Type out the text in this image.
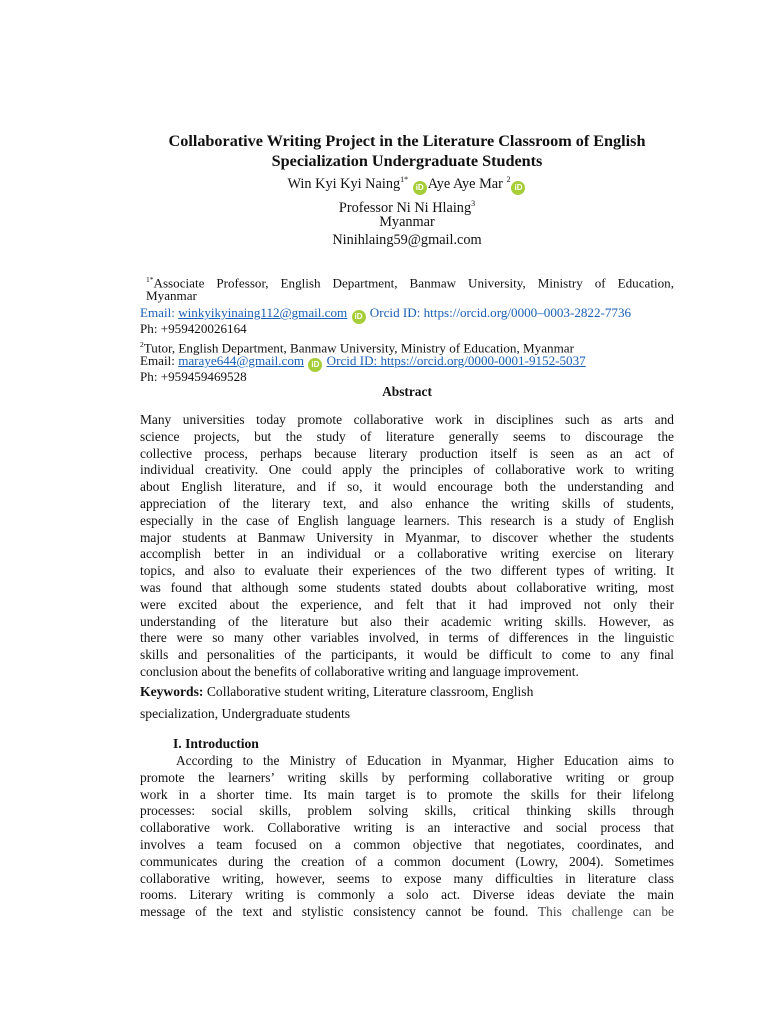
Collaborative Writing Project in the Literature Classroom of English
Specialization Undergraduate Students
Win Kyi Kyi Naing$^{1*}$ iD Aye Aye Mar $^2$iD
Professor Ni Ni Hlaing$^3$
Myanmar
Ninihlaing59@gmail.com
$^{1*}$Associate Professor, English Department, Banmaw University, Ministry of Education,
Myanmar
Email: winkyikyinaing112@gmail.com iD Orcid ID: https://orcid.org/0000–0003-2822-7736
Ph: +959420026164
$^2$Tutor, English Department, Banmaw University, Ministry of Education, Myanmar
Email: maraye644@gmail.com iD Orcid ID: https://orcid.org/0000-0001-9152-5037
Ph: +959459469528
Abstract
Many universities today promote collaborative work in disciplines such as arts and
science projects, but the study of literature generally seems to discourage the
collective process, perhaps because literary production itself is seen as an act of
individual creativity. One could apply the principles of collaborative work to writing
about English literature, and if so, it would encourage both the understanding and
appreciation of the literary text, and also enhance the writing skills of students,
especially in the case of English language learners. This research is a study of English
major students at Banmaw University in Myanmar, to discover whether the students
accomplish better in an individual or a collaborative writing exercise on literary
topics, and also to evaluate their experiences of the two different types of writing. It
was found that although some students stated doubts about collaborative writing, most
were excited about the experience, and felt that it had improved not only their
understanding of the literature but also their academic writing skills. However, as
there were so many other variables involved, in terms of differences in the linguistic
skills and personalities of the participants, it would be difficult to come to any final
conclusion about the benefits of collaborative writing and language improvement.
Keywords: Collaborative student writing, Literature classroom, English
specialization, Undergraduate students
I. Introduction
According to the Ministry of Education in Myanmar, Higher Education aims to
promote the learners’ writing skills by performing collaborative writing or group
work in a shorter time. Its main target is to promote the skills for their lifelong
processes: social skills, problem solving skills, critical thinking skills through
collaborative work. Collaborative writing is an interactive and social process that
involves a team focused on a common objective that negotiates, coordinates, and
communicates during the creation of a common document (Lowry, 2004). Sometimes
collaborative writing, however, seems to expose many difficulties in literature class
rooms. Literary writing is commonly a solo act. Diverse ideas deviate the main
message of the text and stylistic consistency cannot be found. This challenge can be
